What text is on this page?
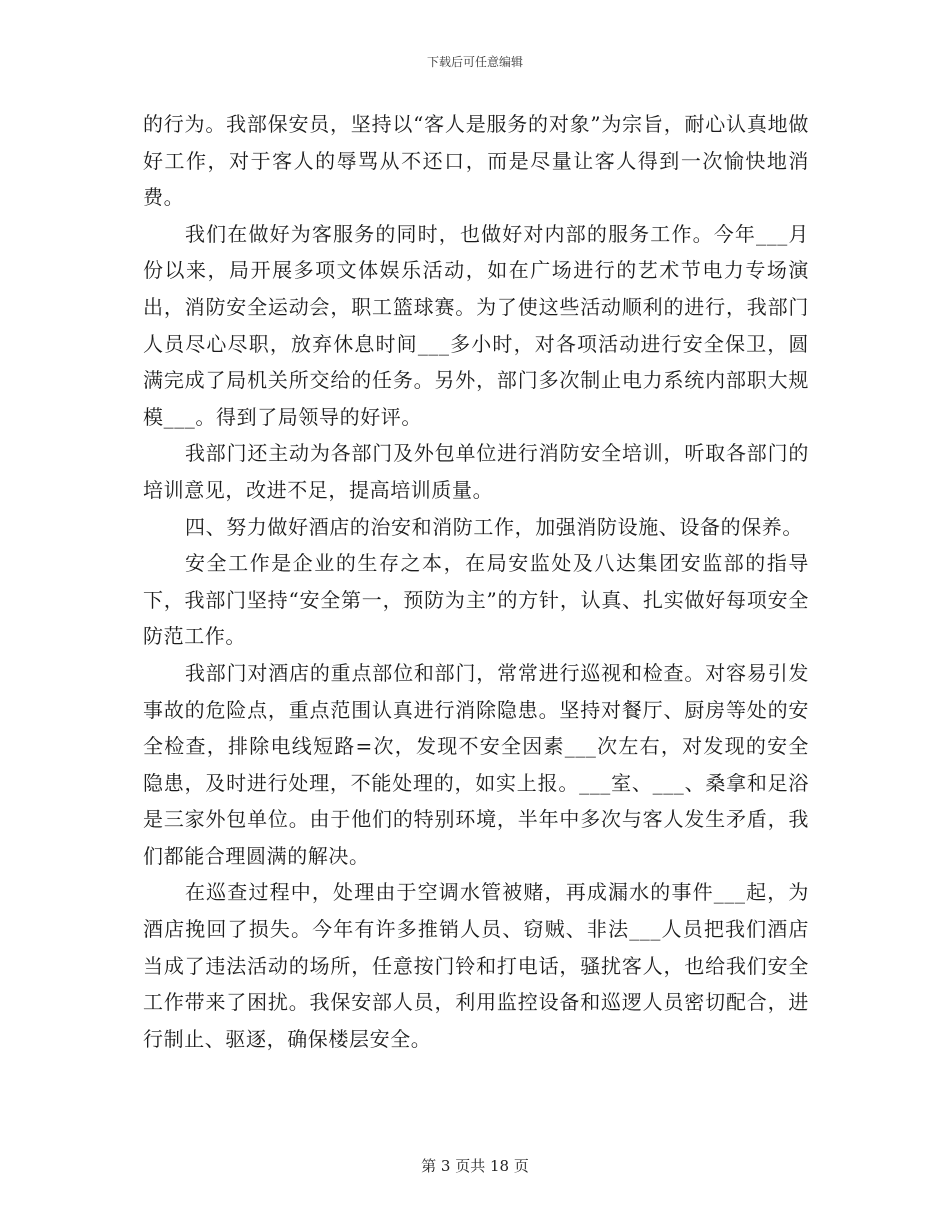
下载后可任意编辑

的行为。我部保安员，坚持以“客人是服务的对象”为宗旨，耐心认真地做好工作，对于客人的辱骂从不还口，而是尽量让客人得到一次愉快地消费。

我们在做好为客服务的同时，也做好对内部的服务工作。今年___月份以来，局开展多项文体娱乐活动，如在广场进行的艺术节电力专场演出，消防安全运动会，职工篮球赛。为了使这些活动顺利的进行，我部门人员尽心尽职，放弃休息时间___多小时，对各项活动进行安全保卫，圆满完成了局机关所交给的任务。另外，部门多次制止电力系统内部职大规模___。得到了局领导的好评。

我部门还主动为各部门及外包单位进行消防安全培训，听取各部门的培训意见，改进不足，提高培训质量。

四、努力做好酒店的治安和消防工作，加强消防设施、设备的保养。

安全工作是企业的生存之本，在局安监处及八达集团安监部的指导下，我部门坚持“安全第一，预防为主”的方针，认真、扎实做好每项安全防范工作。

我部门对酒店的重点部位和部门，常常进行巡视和检查。对容易引发事故的危险点，重点范围认真进行消除隐患。坚持对餐厅、厨房等处的安全检查，排除电线短路=次，发现不安全因素___次左右，对发现的安全隐患，及时进行处理，不能处理的，如实上报。___室、___、桑拿和足浴是三家外包单位。由于他们的特别环境，半年中多次与客人发生矛盾，我们都能合理圆满的解决。

在巡查过程中，处理由于空调水管被赌，再成漏水的事件___起，为酒店挽回了损失。今年有许多推销人员、窃贼、非法___人员把我们酒店当成了违法活动的场所，任意按门铃和打电话，骚扰客人，也给我们安全工作带来了困扰。我保安部人员，利用监控设备和巡逻人员密切配合，进行制止、驱逐，确保楼层安全。

第 3 页共 18 页
